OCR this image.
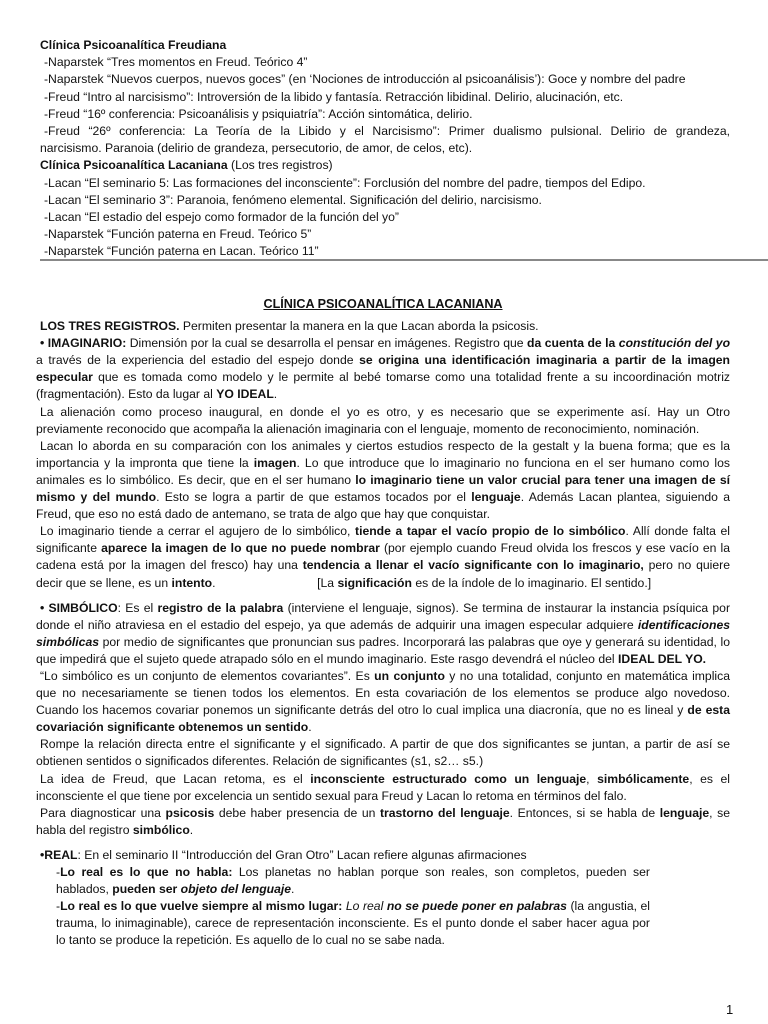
Clínica Psicoanalítica Freudiana
-Naparstek “Tres momentos en Freud. Teórico 4”
-Naparstek “Nuevos cuerpos, nuevos goces” (en ‘Nociones de introducción al psicoanálisis’): Goce y nombre del padre
-Freud “Intro al narcisismo”: Introversión de la libido y fantasía. Retracción libidinal. Delirio, alucinación, etc.
-Freud “16º conferencia: Psicoanálisis y psiquiatría”: Acción sintomática, delirio.
-Freud “26º conferencia: La Teoría de la Libido y el Narcisismo”: Primer dualismo pulsional. Delirio de grandeza,
narcisismo. Paranoia (delirio de grandeza, persecutorio, de amor, de celos, etc).
Clínica Psicoanalítica Lacaniana (Los tres registros)
-Lacan “El seminario 5: Las formaciones del inconsciente”: Forclusión del nombre del padre, tiempos del Edipo.
-Lacan “El seminario 3”: Paranoia, fenómeno elemental. Significación del delirio, narcisismo.
-Lacan “El estadio del espejo como formador de la función del yo”
-Naparstek “Función paterna en Freud. Teórico 5”
-Naparstek “Función paterna en Lacan. Teórico 11”
CLÍNICA PSICOANALÍTICA LACANIANA

LOS TRES REGISTROS. Permiten presentar la manera en la que Lacan aborda la psicosis.

• IMAGINARIO: Dimensión por la cual se desarrolla el pensar en imágenes. Registro que da cuenta de la constitución del yo a través de la experiencia del estadio del espejo donde se origina una identificación imaginaria a partir de la imagen especular que es tomada como modelo y le permite al bebé tomarse como una totalidad frente a su incoordinación motriz (fragmentación). Esto da lugar al YO IDEAL.

La alienación como proceso inaugural, en donde el yo es otro, y es necesario que se experimente así. Hay un Otro previamente reconocido que acompaña la alienación imaginaria con el lenguaje, momento de reconocimiento, nominación.

Lacan lo aborda en su comparación con los animales y ciertos estudios respecto de la gestalt y la buena forma; que es la importancia y la impronta que tiene la imagen. Lo que introduce que lo imaginario no funciona en el ser humano como los animales es lo simbólico. Es decir, que en el ser humano lo imaginario tiene un valor crucial para tener una imagen de sí mismo y del mundo. Esto se logra a partir de que estamos tocados por el lenguaje. Además Lacan plantea, siguiendo a Freud, que eso no está dado de antemano, se trata de algo que hay que conquistar.

Lo imaginario tiende a cerrar el agujero de lo simbólico, tiende a tapar el vacío propio de lo simbólico. Allí donde falta el significante aparece la imagen de lo que no puede nombrar (por ejemplo cuando Freud olvida los frescos y ese vacío en la cadena está por la imagen del fresco) hay una tendencia a llenar el vacío significante con lo imaginario, pero no quiere decir que se llene, es un intento.                              [La significación es de la índole de lo imaginario. El sentido.]

• SIMBÓLICO: Es el registro de la palabra (interviene el lenguaje, signos). Se termina de instaurar la instancia psíquica por donde el niño atraviesa en el estadio del espejo, ya que además de adquirir una imagen especular adquiere identificaciones simbólicas por medio de significantes que pronuncian sus padres. Incorporará las palabras que oye y generará su identidad, lo que impedirá que el sujeto quede atrapado sólo en el mundo imaginario. Este rasgo devendrá el núcleo del IDEAL DEL YO.

“Lo simbólico es un conjunto de elementos covariantes”. Es un conjunto y no una totalidad, conjunto en matemática implica que no necesariamente se tienen todos los elementos. En esta covariación de los elementos se produce algo novedoso. Cuando los hacemos covariar ponemos un significante detrás del otro lo cual implica una diacronía, que no es lineal y de esta covariación significante obtenemos un sentido.

Rompe la relación directa entre el significante y el significado. A partir de que dos significantes se juntan, a partir de así se obtienen sentidos o significados diferentes. Relación de significantes (s1, s2… s5.)

La idea de Freud, que Lacan retoma, es el inconsciente estructurado como un lenguaje, simbólicamente, es el inconsciente el que tiene por excelencia un sentido sexual para Freud y Lacan lo retoma en términos del falo.

Para diagnosticar una psicosis debe haber presencia de un trastorno del lenguaje. Entonces, si se habla de lenguaje, se habla del registro simbólico.

•REAL: En el seminario II “Introducción del Gran Otro” Lacan refiere algunas afirmaciones

-Lo real es lo que no habla: Los planetas no hablan porque son reales, son completos, pueden ser hablados, pueden ser objeto del lenguaje.

-Lo real es lo que vuelve siempre al mismo lugar: Lo real no se puede poner en palabras (la angustia, el trauma, lo inimaginable), carece de representación inconsciente. Es el punto donde el saber hacer agua por lo tanto se produce la repetición. Es aquello de lo cual no se sabe nada.

1
